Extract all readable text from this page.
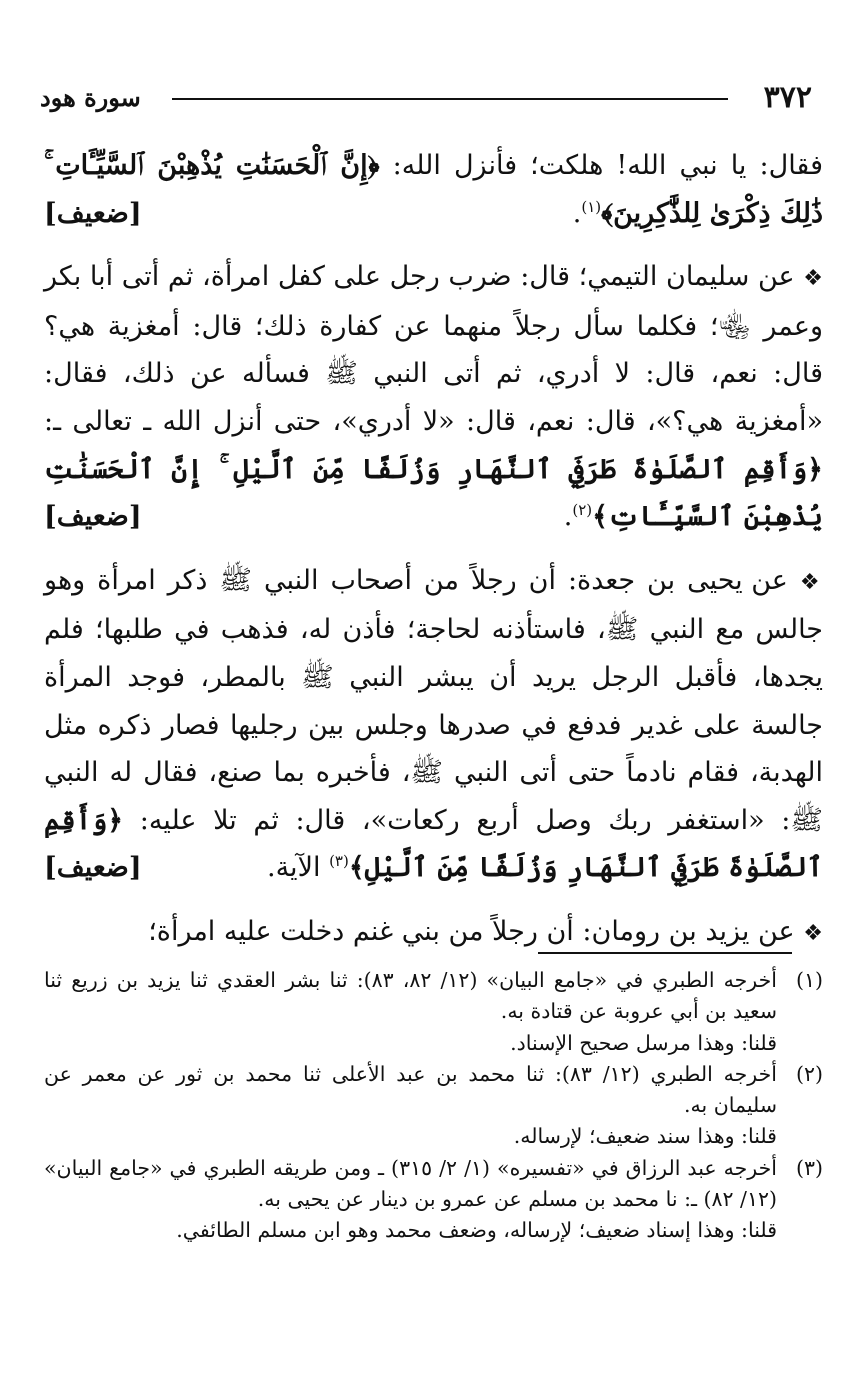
٣٧٢
سورة هود

فقال: يا نبي الله! هلكت؛ فأنزل الله: ﴿إِنَّ ٱلْحَسَنَٰتِ يُذْهِبْنَ ٱلسَّيِّـَٔاتِ ۚ ذَٰلِكَ ذِكْرَىٰ لِلذَّٰكِرِينَ﴾$^{(١)}$.
[ضعيف]

❖ عن سليمان التيمي؛ قال: ضرب رجل على كفل امرأة، ثم أتى أبا بكر وعمر ﵄؛ فكلما سأل رجلاً منهما عن كفارة ذلك؛ قال: أمغزية هي؟ قال: نعم، قال: لا أدري، ثم أتى النبي ﷺ فسأله عن ذلك، فقال: «أمغزية هي؟»، قال: نعم، قال: «لا أدري»، حتى أنزل الله ـ تعالى ـ: ﴿وَأَقِمِ ٱلصَّلَوٰةَ طَرَفَيِ ٱلنَّهَارِ وَزُلَفًا مِّنَ ٱلَّيْلِ ۚ إِنَّ ٱلْحَسَنَٰتِ يُذْهِبْنَ ٱلسَّيِّـَٔاتِ﴾$^{(٢)}$.
[ضعيف]

❖ عن يحيى بن جعدة: أن رجلاً من أصحاب النبي ﷺ ذكر امرأة وهو جالس مع النبي ﷺ، فاستأذنه لحاجة؛ فأذن له، فذهب في طلبها؛ فلم يجدها، فأقبل الرجل يريد أن يبشر النبي ﷺ بالمطر، فوجد المرأة جالسة على غدير فدفع في صدرها وجلس بين رجليها فصار ذكره مثل الهدبة، فقام نادماً حتى أتى النبي ﷺ، فأخبره بما صنع، فقال له النبي ﷺ: «استغفر ربك وصل أربع ركعات»، قال: ثم تلا عليه: ﴿وَأَقِمِ ٱلصَّلَوٰةَ طَرَفَيِ ٱلنَّهَارِ وَزُلَفًا مِّنَ ٱلَّيْلِ﴾$^{(٣)}$ الآية.
[ضعيف]

❖ عن يزيد بن رومان: أن رجلاً من بني غنم دخلت عليه امرأة؛

(١)
أخرجه الطبري في «جامع البيان» (١٢/ ٨٢، ٨٣): ثنا بشر العقدي ثنا يزيد بن زريع ثنا سعيد بن أبي عروبة عن قتادة به.
قلنا: وهذا مرسل صحيح الإسناد.
(٢)
أخرجه الطبري (١٢/ ٨٣): ثنا محمد بن عبد الأعلى ثنا محمد بن ثور عن معمر عن سليمان به.
قلنا: وهذا سند ضعيف؛ لإرساله.
(٣)
أخرجه عبد الرزاق في «تفسيره» (١/ ٢/ ٣١٥) ـ ومن طريقه الطبري في «جامع البيان» (١٢/ ٨٢) ـ: نا محمد بن مسلم عن عمرو بن دينار عن يحيى به.
قلنا: وهذا إسناد ضعيف؛ لإرساله، وضعف محمد وهو ابن مسلم الطائفي.
